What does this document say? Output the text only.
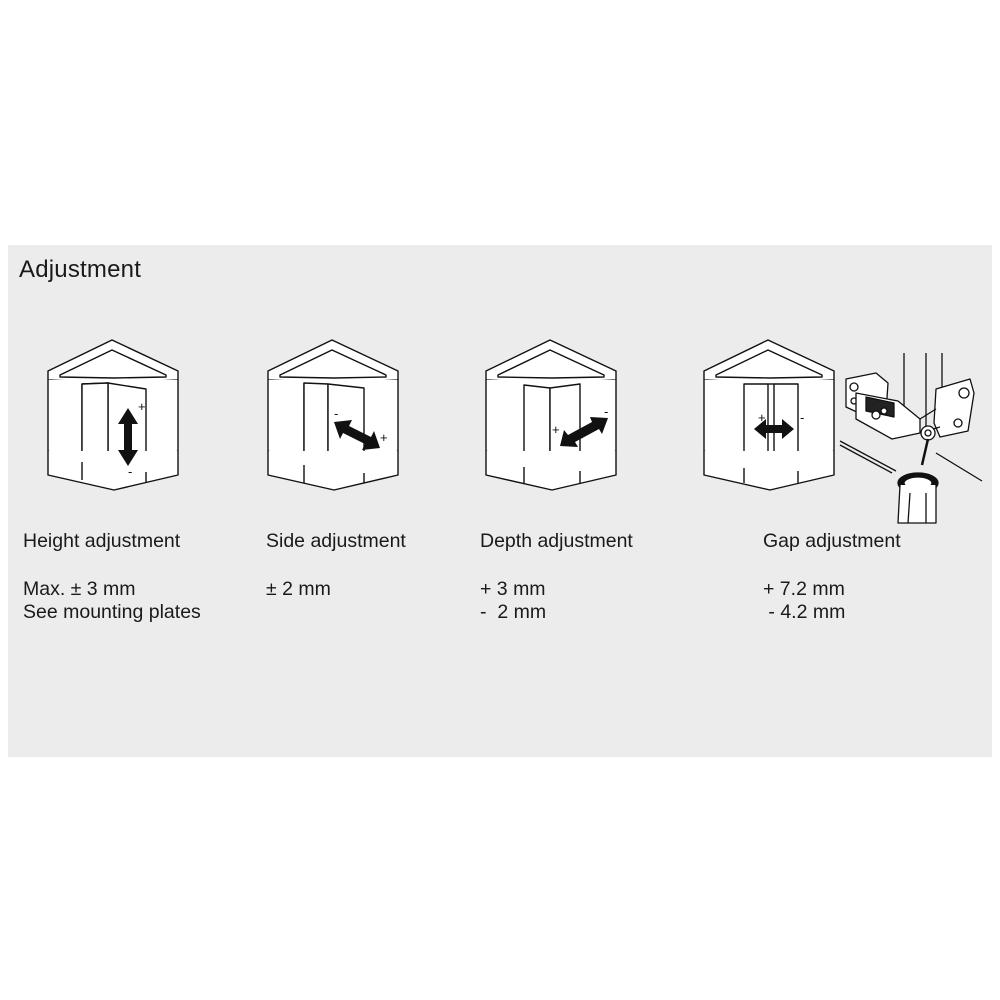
Adjustment
+
-
Height adjustment
Max. ± 3 mm
See mounting plates
-
+
Side adjustment
± 2 mm
+
-
Depth adjustment
+ 3 mm
-  2 mm
+	-
Gap adjustment
+ 7.2 mm
- 4.2 mm
